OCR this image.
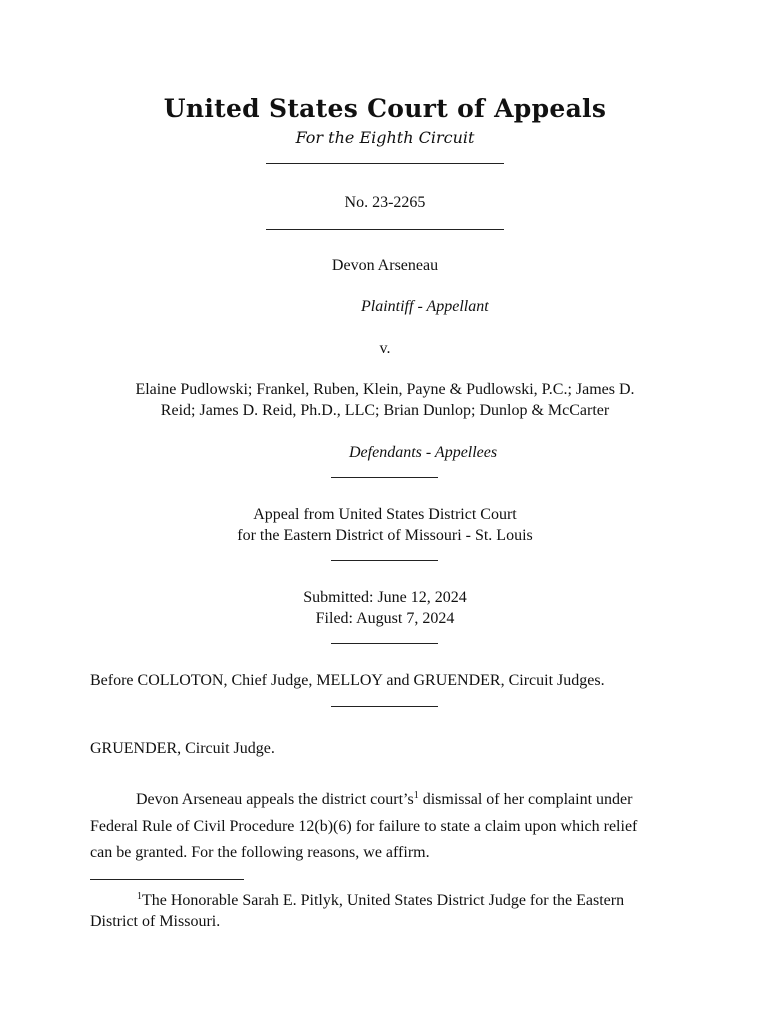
United States Court of Appeals
For the Eighth Circuit
No. 23-2265
Devon Arseneau
Plaintiff - Appellant
v.
Elaine Pudlowski; Frankel, Ruben, Klein, Payne & Pudlowski, P.C.; James D.
Reid; James D. Reid, Ph.D., LLC; Brian Dunlop; Dunlop & McCarter
Defendants - Appellees
Appeal from United States District Court
for the Eastern District of Missouri - St. Louis
Submitted: June 12, 2024
Filed: August 7, 2024
Before COLLOTON, Chief Judge, MELLOY and GRUENDER, Circuit Judges.
GRUENDER, Circuit Judge.
Devon Arseneau appeals the district $court’s^1$ dismissal of her complaint under
Federal Rule of Civil Procedure 12(b)(6) for failure to state a claim upon which relief
can be granted. For the following reasons, we affirm.
$^1$The Honorable Sarah E. Pitlyk, United States District Judge for the Eastern
District of Missouri.
